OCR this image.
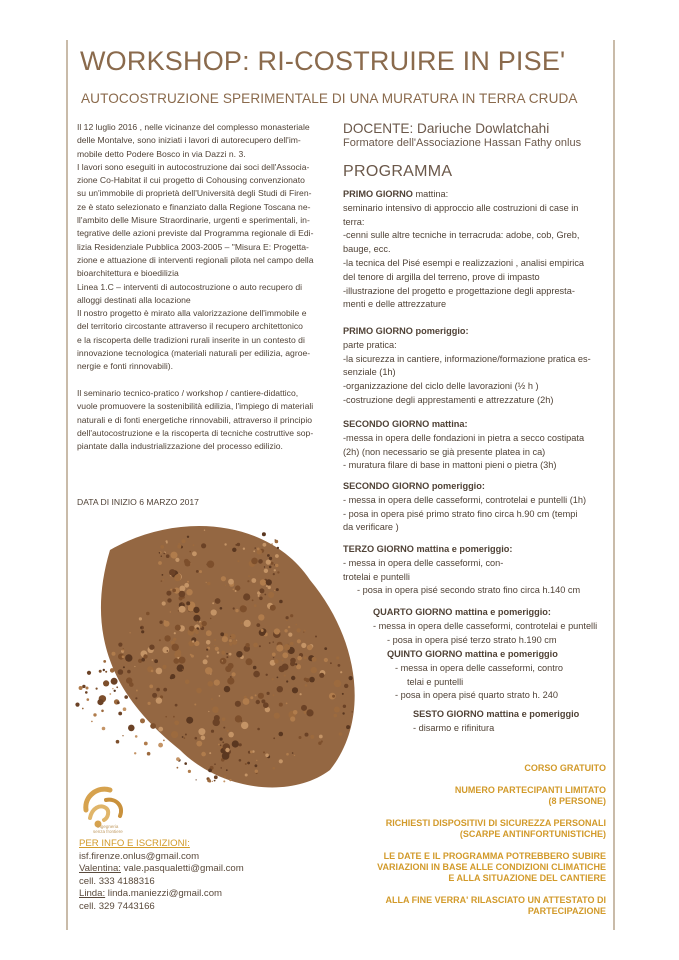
WORKSHOP: RI-COSTRUIRE IN PISE'
AUTOCOSTRUZIONE SPERIMENTALE DI UNA MURATURA IN TERRA CRUDA

Il 12 luglio 2016 , nelle vicinanze del complesso monasteriale

delle Montalve, sono iniziati i lavori di autorecupero dell'im-

mobile detto Podere Bosco in via Dazzi n. 3.

I lavori sono eseguiti in autocostruzione dai soci dell'Associa-

zione Co-Habitat il cui progetto di Cohousing convenzionato

su un'immobile di proprietà dell'Università degli Studi di Firen-

ze è stato selezionato e finanziato dalla Regione Toscana ne-

ll'ambito delle Misure Straordinarie, urgenti e sperimentali, in-

tegrative delle azioni previste dal Programma regionale di Edi-

lizia Residenziale Pubblica 2003-2005 – "Misura E: Progetta-

zione e attuazione di interventi regionali pilota nel campo della

bioarchitettura e bioedilizia

Linea 1.C – interventi di autocostruzione o auto recupero di

alloggi destinati alla locazione

Il nostro progetto è mirato alla valorizzazione dell'immobile e

del territorio circostante attraverso il recupero architettonico

e la riscoperta delle tradizioni rurali inserite in un contesto di

innovazione tecnologica (materiali naturali per edilizia, agroe-

nergie e fonti rinnovabili).

Il seminario tecnico-pratico / workshop / cantiere-didattico,

vuole promuovere la sostenibilità edilizia, l'impiego di materiali

naturali e di fonti energetiche rinnovabili, attraverso il principio

dell'autocostruzione e la riscoperta di tecniche costruttive sop-

piantate dalla industrializzazione del processo edilizio.

DATA DI INIZIO 6 MARZO 2017
DOCENTE: Dariuche Dowlatchahi
Formatore dell'Associazione Hassan Fathy onlus
PROGRAMMA

PRIMO GIORNO mattina:

seminario intensivo di approccio alle costruzioni di case in

terra:

-cenni sulle altre tecniche in terracruda: adobe, cob, Greb,

bauge, ecc.

-la tecnica del Pisé esempi e realizzazioni , analisi empirica

del tenore di argilla del terreno, prove di impasto

-illustrazione del progetto e progettazione degli appresta-

menti e delle attrezzature

PRIMO GIORNO pomeriggio:

parte pratica:

-la sicurezza in cantiere, informazione/formazione pratica es-

senziale (1h)

-organizzazione del ciclo delle lavorazioni (½ h )

-costruzione degli apprestamenti e attrezzature (2h)

SECONDO GIORNO mattina:

-messa in opera delle fondazioni in pietra a secco costipata

(2h) (non necessario se già presente platea in ca)

- muratura filare di base in mattoni pieni o pietra (3h)

SECONDO GIORNO pomeriggio:

- messa in opera delle casseformi, controtelai e puntelli (1h)

- posa in opera pisé primo strato fino circa h.90 cm (tempi

da verificare )

TERZO GIORNO mattina e pomeriggio:

- messa in opera delle casseformi, con-

trotelai e puntelli

- posa in opera pisé secondo strato fino circa h.140 cm

QUARTO GIORNO mattina e pomeriggio:

- messa in opera delle casseformi, controtelai e puntelli

- posa in opera pisé terzo strato h.190 cm

QUINTO GIORNO mattina e pomeriggio

- messa in opera delle casseformi, contro

telai e puntelli

- posa in opera pisé quarto strato h. 240

SESTO GIORNO mattina e pomeriggio

- disarmo e rifinitura

ingegneria
senza frontiere
PER INFO E ISCRIZIONI:
isf.firenze.onlus@gmail.com
Valentina: vale.pasqualetti@gmail.com
cell. 333 4188316
Linda: linda.maniezzi@gmail.com
cell. 329 7443166

CORSO GRATUITO

NUMERO PARTECIPANTI LIMITATO

(8 PERSONE)

RICHIESTI DISPOSITIVI DI SICUREZZA PERSONALI

(SCARPE ANTINFORTUNISTICHE)

LE DATE E IL PROGRAMMA POTREBBERO SUBIRE

VARIAZIONI IN BASE ALLE CONDIZIONI CLIMATICHE

E ALLA SITUAZIONE DEL CANTIERE

ALLA FINE VERRA' RILASCIATO UN ATTESTATO DI

PARTECIPAZIONE
